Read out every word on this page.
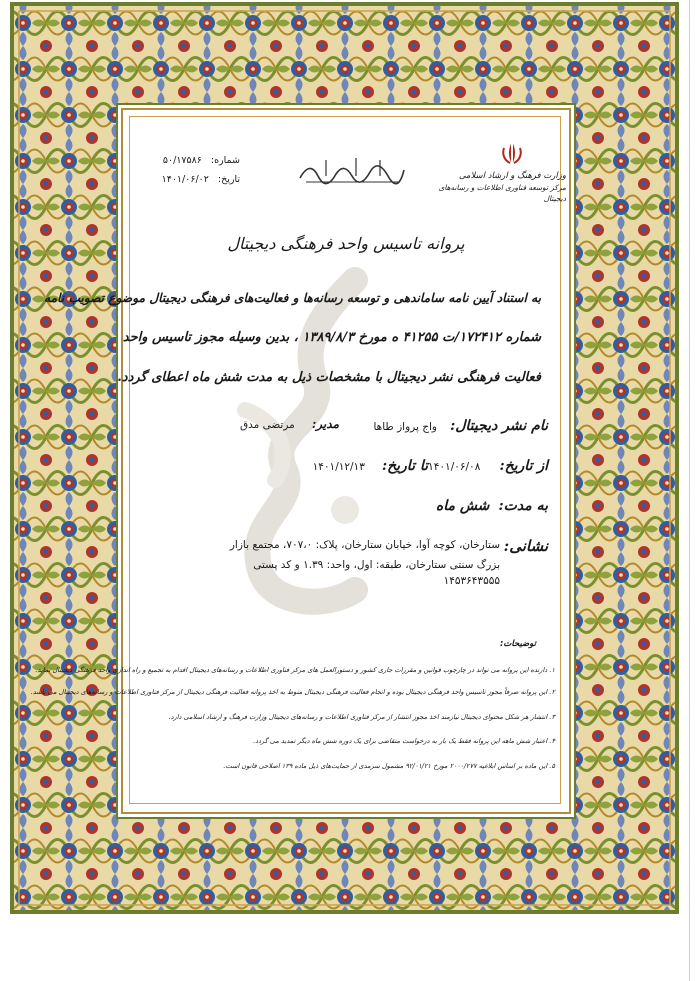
شماره: ۵۰/۱۷۵۸۶
تاریخ: ۱۴۰۱/۰۶/۰۲	وزارت فرهنگ و ارشاد اسلامی
مرکز توسعه فناوری اطلاعات و رسانه‌های دیجیتال
پروانه تاسیس واحد فرهنگی دیجیتال
به استناد آیین نامه ساماندهی و توسعه رسانه‌ها و فعالیت‌های فرهنگی دیجیتال موضوع تصویب نامه
شماره ۱۷۲۴۱۲/ت ۴۱۲۵۵ ه مورخ ۱۳۸۹/۸/۳ ، بدین وسیله مجوز تاسیس واحد
فعالیت فرهنگی نشر دیجیتال با مشخصات ذیل به مدت شش ماه اعطای گردد.
نام نشر دیجیتال: واج پرواز طاها
مدیر: مرتضی مدق
از تاریخ: ۱۴۰۱/۰۶/۰۸
تا تاریخ: ۱۴۰۱/۱۲/۱۳
به مدت: شش ماه
نشانی:
ستارخان، کوچه آوا، خیابان ستارخان، پلاک: ۷۰۷،۰، مجتمع بازار
بزرگ سنتی ستارخان، طبقه: اول، واحد: ۱.۳۹ و کد پستی
۱۴۵۳۶۴۳۵۵۵
توضیحات:
۱. دارنده این پروانه می تواند در چارچوب قوانین و مقررات جاری کشور و دستورالعمل های مرکز فناوری اطلاعات و رسانه‌های دیجیتال اقدام به تجمیع و راه اندازی واحد فرهنگی دیجیتال نماید.
۲. این پروانه صرفاً مجوز تاسیس واحد فرهنگی دیجیتال بوده و انجام فعالیت فرهنگی دیجیتال منوط به اخذ پروانه فعالیت فرهنگی دیجیتال از مرکز فناوری اطلاعات و رسانه‌های دیجیتال می باشد.
۳. انتشار هر شکل محتوای دیجیتال نیازمند اخذ مجوز انتشار از مرکز فناوری اطلاعات و رسانه‌های دیجیتال وزارت فرهنگ و ارشاد اسلامی دارد.
۴. اعتبار شش ماهه این پروانه فقط یک بار به درخواست متقاضی برای یک دوره شش ماه دیگر تمدید می گردد.
۵. این ماده بر اساس ابلاغیه ۲۰۰۰/۲۷۷ مورخ ۹۲/۰۱/۲۱ مشمول سرمدی از حمایت‌های ذیل ماده ۱۳۹ اصلاحی قانون است.
